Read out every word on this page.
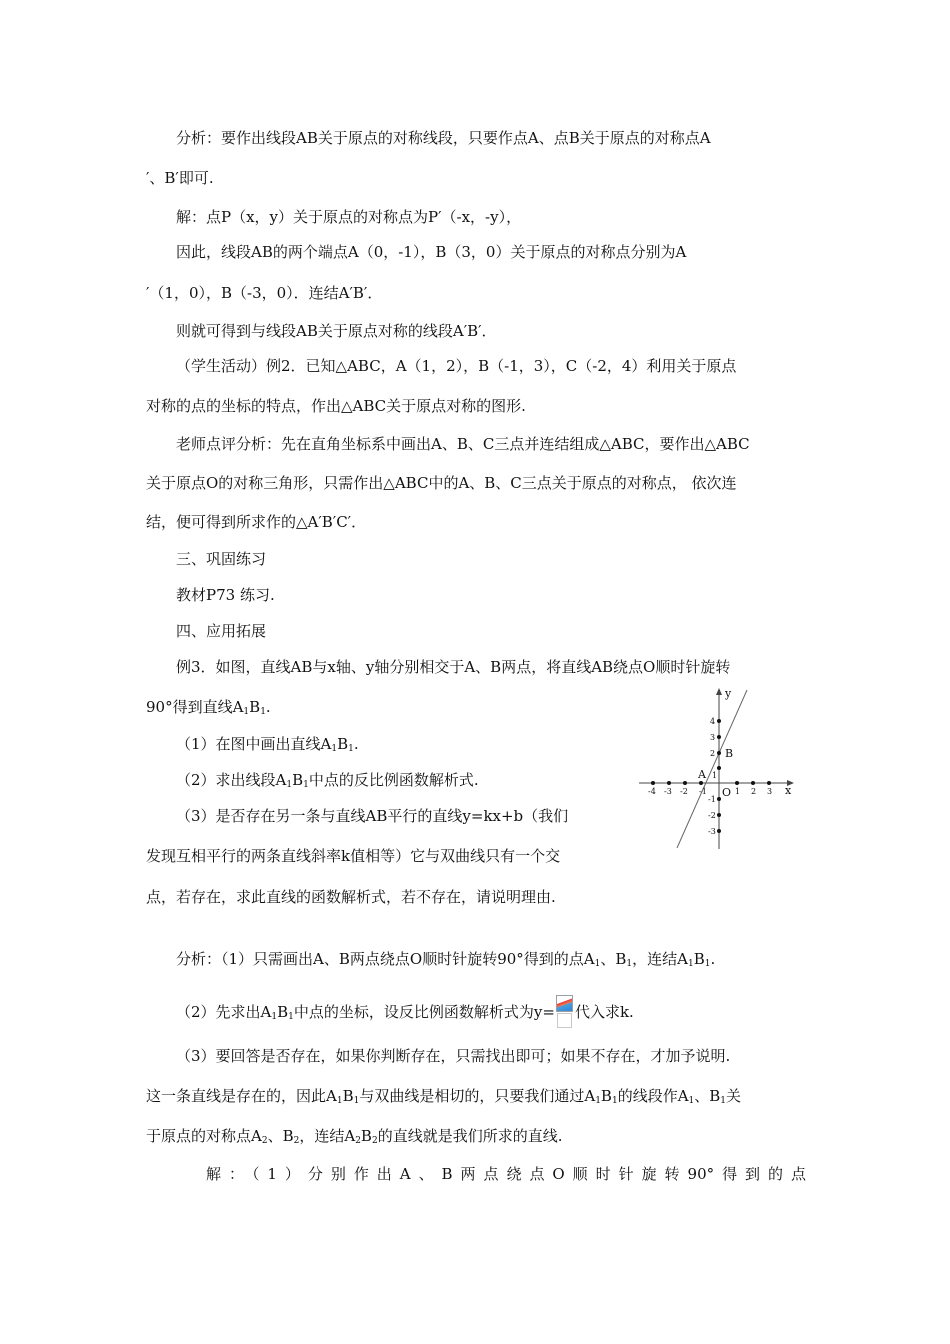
分析：要作出线段AB关于原点的对称线段，只要作点A、点B关于原点的对称点A
′、B′即可.
解：点P（x，y）关于原点的对称点为P′（-x，-y），
因此，线段AB的两个端点A（0，-1），B（3，0）关于原点的对称点分别为A
′（1，0），B（-3，0）．连结A′B′．
则就可得到与线段AB关于原点对称的线段A′B′．
（学生活动）例2．已知△ABC，A（1，2），B（-1，3），C（-2，4）利用关于原点
对称的点的坐标的特点，作出△ABC关于原点对称的图形.
老师点评分析：先在直角坐标系中画出A、B、C三点并连结组成△ABC，要作出△ABC
关于原点O的对称三角形，只需作出△ABC中的A、B、C三点关于原点的对称点， 依次连
结，便可得到所求作的△A′B′C′．
三、巩固练习
教材P73 练习.
四、应用拓展
例3．如图，直线AB与x轴、y轴分别相交于A、B两点，将直线AB绕点O顺时针旋转
90°得到直线$A_1B_1$.
（1）在图中画出直线$A_1B_1$.
（2）求出线段$A_1B_1$中点的反比例函数解析式.
（3）是否存在另一条与直线AB平行的直线y=kx+b（我们
发现互相平行的两条直线斜率k值相等）它与双曲线只有一个交
点，若存在，求此直线的函数解析式，若不存在，请说明理由.
-4 -3 -2 -1	1 2 3
4
3
2
1
-1
-2
-3
x
y
O
A
B
分析：（1）只需画出A、B两点绕点O顺时针旋转90°得到的点$A_1$、$B_1$，连结$A_1B_1$.
（2）先求出$A_1B_1$中点的坐标，设反比例函数解析式为y= 代入求k.
（3）要回答是否存在，如果你判断存在，只需找出即可；如果不存在，才加予说明.
这一条直线是存在的，因此$A_1B_1$与双曲线是相切的，只要我们通过$A_1B_1$的线段作$A_1$、$B_1$关
于原点的对称点$A_2$、$B_2$，连结$A_2B_2$的直线就是我们所求的直线.
解：（1）分别作出A、B两点绕点O顺时针旋转90°得到的点
